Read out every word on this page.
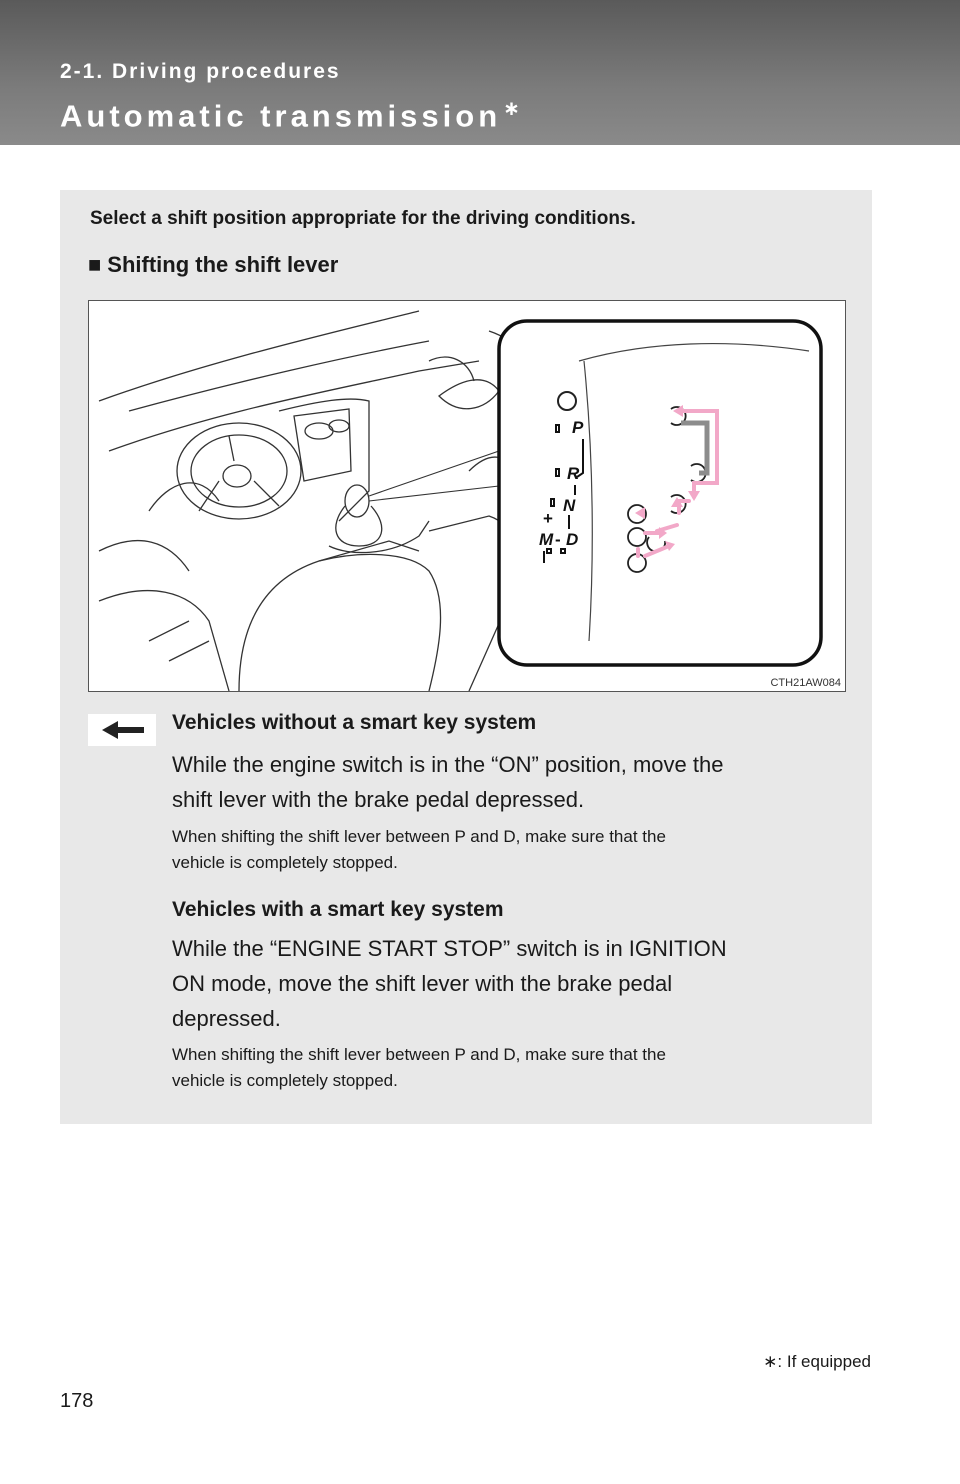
2-1. Driving procedures
Automatic transmission ∗
Select a shift position appropriate for the driving conditions.
■ Shifting the shift lever
P
R
N
D
M
+
-
CTH21AW084
Vehicles without a smart key system
While the engine switch is in the “ON” position, move the
shift lever with the brake pedal depressed.
When shifting the shift lever between P and D, make sure that the
vehicle is completely stopped.
Vehicles with a smart key system
While the “ENGINE START STOP” switch is in IGNITION
ON mode, move the shift lever with the brake pedal
depressed.
When shifting the shift lever between P and D, make sure that the
vehicle is completely stopped.
∗: If equipped
178
